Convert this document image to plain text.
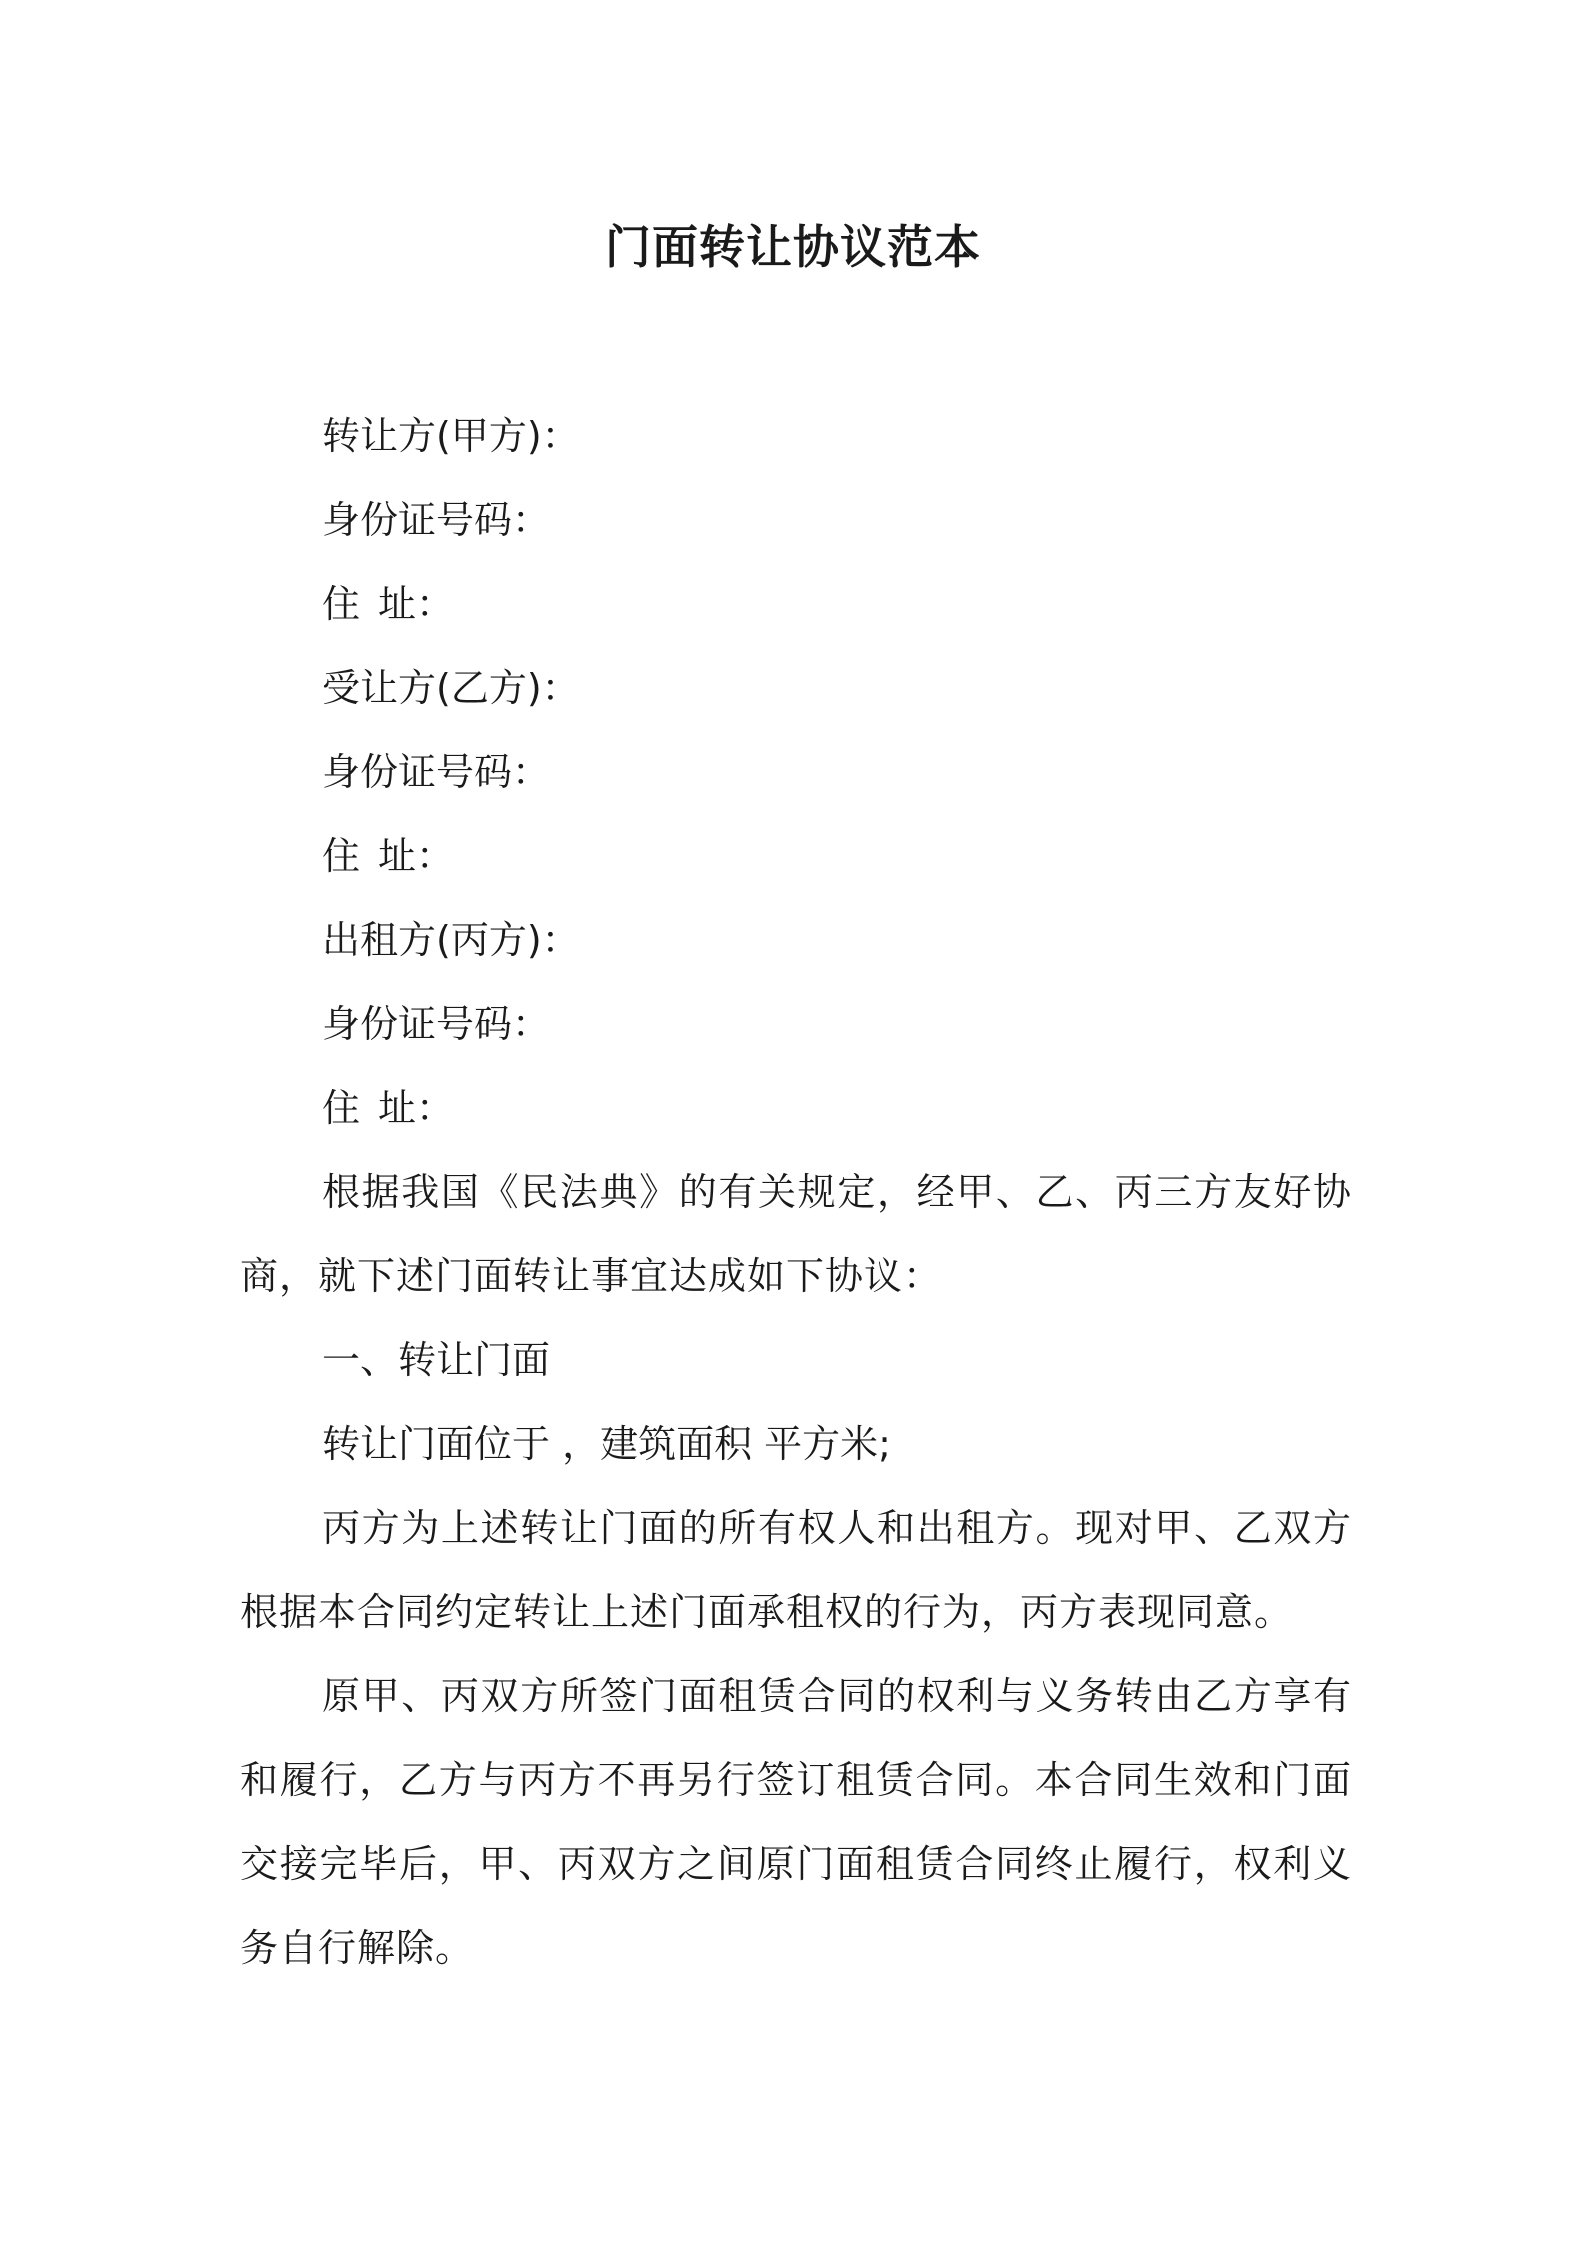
门面转让协议范本
转让方(甲方)：
身份证号码：
住 址：
受让方(乙方)：
身份证号码：
住 址：
出租方(丙方)：
身份证号码：
住 址：
根据我国《民法典》的有关规定，经甲、乙、丙三方友好协商，就下述门面转让事宜达成如下协议：
一、转让门面
转让门面位于 ，建筑面积 平方米;
丙方为上述转让门面的所有权人和出租方。现对甲、乙双方根据本合同约定转让上述门面承租权的行为，丙方表现同意。
原甲、丙双方所签门面租赁合同的权利与义务转由乙方享有和履行，乙方与丙方不再另行签订租赁合同。本合同生效和门面交接完毕后，甲、丙双方之间原门面租赁合同终止履行，权利义务自行解除。
